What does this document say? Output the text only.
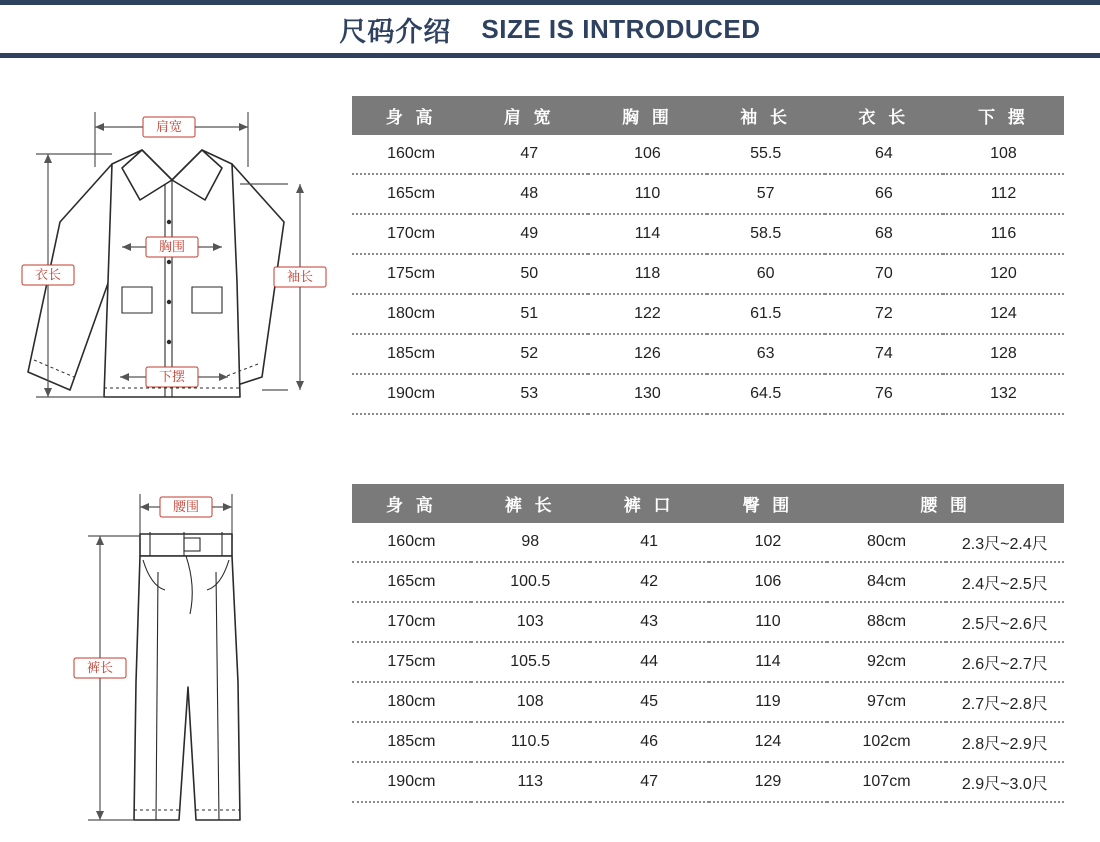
尺码介绍 SIZE IS INTRODUCED
肩宽
胸围
下摆
衣长	袖长
身 高	肩 宽	胸 围	袖 长	衣 长	下 摆
160cm	47	106	55.5	64	108
165cm	48	110	57	66	112
170cm	49	114	58.5	68	116
175cm	50	118	60	70	120
180cm	51	122	61.5	72	124
185cm	52	126	63	74	128
190cm	53	130	64.5	76	132
腰围
裤长
身 高	裤 长	裤 口	臀 围	腰 围	
160cm	98	41	102	80cm	2.3尺~2.4尺
165cm	100.5	42	106	84cm	2.4尺~2.5尺
170cm	103	43	110	88cm	2.5尺~2.6尺
175cm	105.5	44	114	92cm	2.6尺~2.7尺
180cm	108	45	119	97cm	2.7尺~2.8尺
185cm	110.5	46	124	102cm	2.8尺~2.9尺
190cm	113	47	129	107cm	2.9尺~3.0尺
